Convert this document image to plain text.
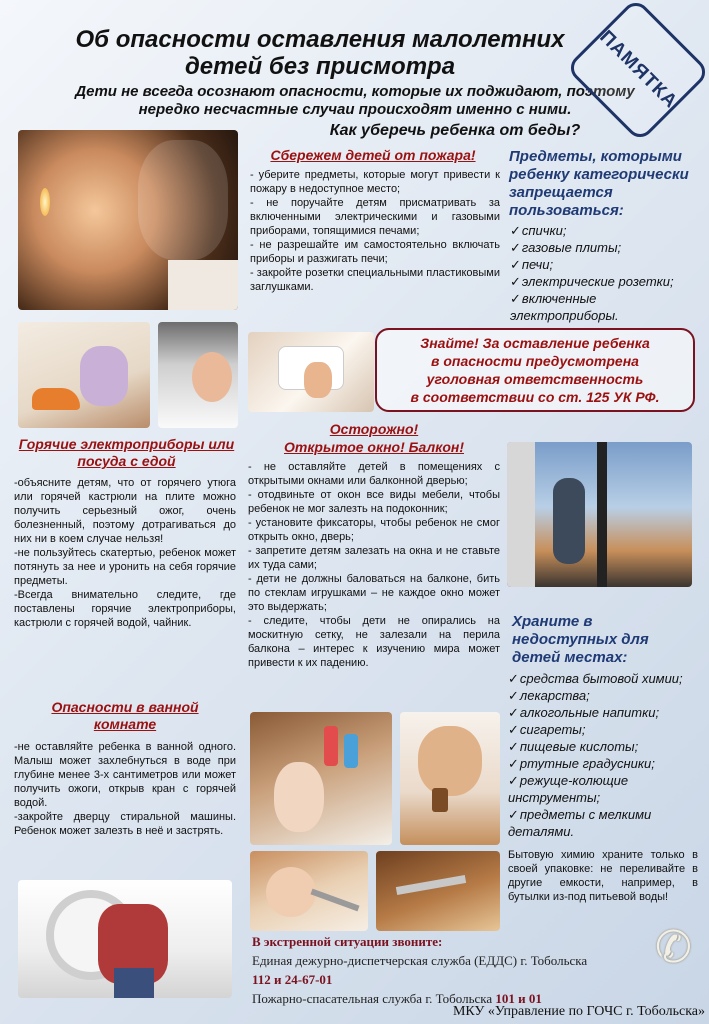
Об опасности оставления малолетних детей без присмотра
Дети не всегда осознают опасности, которые их поджидают, поэтому нередко несчастные случаи происходят именно с ними.
Как уберечь ребенка от беды?
ПАМЯТКА
Сбережем детей от пожара!
- уберите предметы, которые могут привести к пожару в недоступное место;
- не поручайте детям присматривать за включенными электрическими и газовыми приборами, топящимися печами;
- не разрешайте им самостоятельно включать приборы и разжигать печи;
- закройте розетки специальными пластиковыми заглушками.
Предметы, которыми ребенку категорически запрещается пользоваться:
✓ спички;
✓ газовые плиты;
✓ печи;
✓ электрические розетки;
✓ включенные электроприборы.
Знайте! За оставление ребенка
в опасности предусмотрена
уголовная ответственность
в соответствии со ст. 125 УК РФ.
Горячие электроприборы или посуда с едой
-объясните детям, что от горячего утюга или горячей кастрюли на плите можно получить серьезный ожог, очень болезненный, поэтому дотрагиваться до них ни в коем случае нельзя!
-не пользуйтесь скатертью, ребенок может потянуть за нее и уронить на себя горячие предметы.
-Всегда внимательно следите, где поставлены горячие электроприборы, кастрюли с горячей водой, чайник.
Осторожно!
Открытое окно! Балкон!
- не оставляйте детей в помещениях с открытыми окнами или балконной дверью;
- отодвиньте от окон все виды мебели, чтобы ребенок не мог залезть на подоконник;
- установите фиксаторы, чтобы ребенок не смог открыть окно, дверь;
- запретите детям залезать на окна и не ставьте их туда сами;
- дети не должны баловаться на балконе, бить по стеклам игрушками – не каждое окно может это выдержать;
- следите, чтобы дети не опирались на москитную сетку, не залезали на перила балкона – интерес к изучению мира может привести к их падению.
Опасности в ванной комнате
-не оставляйте ребенка в ванной одного. Малыш может захлебнуться в воде при глубине менее 3-х сантиметров или может получить ожоги, открыв кран с горячей водой.
-закройте дверцу стиральной машины. Ребенок может залезть в неё и застрять.
Храните в недоступных для детей местах:
✓ средства бытовой химии;
✓ лекарства;
✓ алкогольные напитки;
✓ сигареты;
✓ пищевые кислоты;
✓ ртутные градусники;
✓ режуще-колющие инструменты;
✓ предметы с мелкими деталями.
Бытовую химию храните только в своей упаковке: не переливайте в другие емкости, например, в бутылки из-под питьевой воды!
В экстренной ситуации звоните:
Единая дежурно-диспетчерская служба (ЕДДС) г. Тобольска
112 и 24-67-01
Пожарно-спасательная служба г. Тобольска 101 и 01
✆
МКУ «Управление по ГОЧС г. Тобольска»
